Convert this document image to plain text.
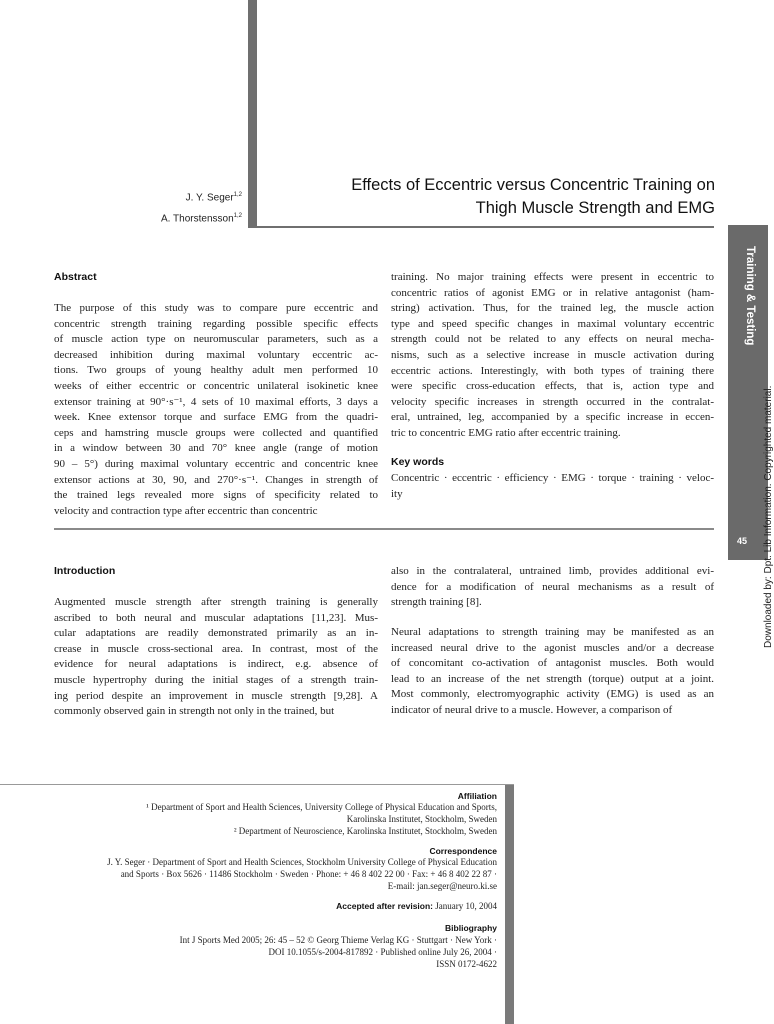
Training & Testing
45	Downloaded by: Dpt. Lib Information. Copyrighted material.
J. Y. Seger$^{1,2}$
A. Thorstensson$^{1,2}$
Effects of Eccentric versus Concentric Training on
Thigh Muscle Strength and EMG
Abstract
The purpose of this study was to compare pure eccentric and
concentric strength training regarding possible specific effects
of muscle action type on neuromuscular parameters, such as a
decreased inhibition during maximal voluntary eccentric ac-
tions. Two groups of young healthy adult men performed 10
weeks of either eccentric or concentric unilateral isokinetic knee
extensor training at 90°·s⁻¹, 4 sets of 10 maximal efforts, 3 days a
week. Knee extensor torque and surface EMG from the quadri-
ceps and hamstring muscle groups were collected and quantified
in a window between 30 and 70° knee angle (range of motion
90 – 5°) during maximal voluntary eccentric and concentric knee
extensor actions at 30, 90, and 270°·s⁻¹. Changes in strength of
the trained legs revealed more signs of specificity related to
velocity and contraction type after eccentric than concentric
training. No major training effects were present in eccentric to
concentric ratios of agonist EMG or in relative antagonist (ham-
string) activation. Thus, for the trained leg, the muscle action
type and speed specific changes in maximal voluntary eccentric
strength could not be related to any effects on neural mecha-
nisms, such as a selective increase in muscle activation during
eccentric actions. Interestingly, with both types of training there
were specific cross-education effects, that is, action type and
velocity specific increases in strength occurred in the contralat-
eral, untrained, leg, accompanied by a specific increase in eccen-
tric to concentric EMG ratio after eccentric training.
Key words
Concentric · eccentric · efficiency · EMG · torque · training · veloc-
ity
Introduction
Augmented muscle strength after strength training is generally
ascribed to both neural and muscular adaptations [11,23]. Mus-
cular adaptations are readily demonstrated primarily as an in-
crease in muscle cross-sectional area. In contrast, most of the
evidence for neural adaptations is indirect, e.g. absence of
muscle hypertrophy during the initial stages of a strength train-
ing period despite an improvement in muscle strength [9,28]. A
commonly observed gain in strength not only in the trained, but
also in the contralateral, untrained limb, provides additional evi-
dence for a modification of neural mechanisms as a result of
strength training [8].
Neural adaptations to strength training may be manifested as an
increased neural drive to the agonist muscles and/or a decrease
of concomitant co-activation of antagonist muscles. Both would
lead to an increase of the net strength (torque) output at a joint.
Most commonly, electromyographic activity (EMG) is used as an
indicator of neural drive to a muscle. However, a comparison of
Affiliation
¹ Department of Sport and Health Sciences, University College of Physical Education and Sports,
Karolinska Institutet, Stockholm, Sweden
² Department of Neuroscience, Karolinska Institutet, Stockholm, Sweden
Correspondence
J. Y. Seger · Department of Sport and Health Sciences, Stockholm University College of Physical Education
and Sports · Box 5626 · 11486 Stockholm · Sweden · Phone: + 46 8 402 22 00 · Fax: + 46 8 402 22 87 ·
E-mail: jan.seger@neuro.ki.se
Accepted after revision: January 10, 2004
Bibliography
Int J Sports Med 2005; 26: 45 – 52 © Georg Thieme Verlag KG · Stuttgart · New York ·
DOI 10.1055/s-2004-817892 · Published online July 26, 2004 ·
ISSN 0172-4622
